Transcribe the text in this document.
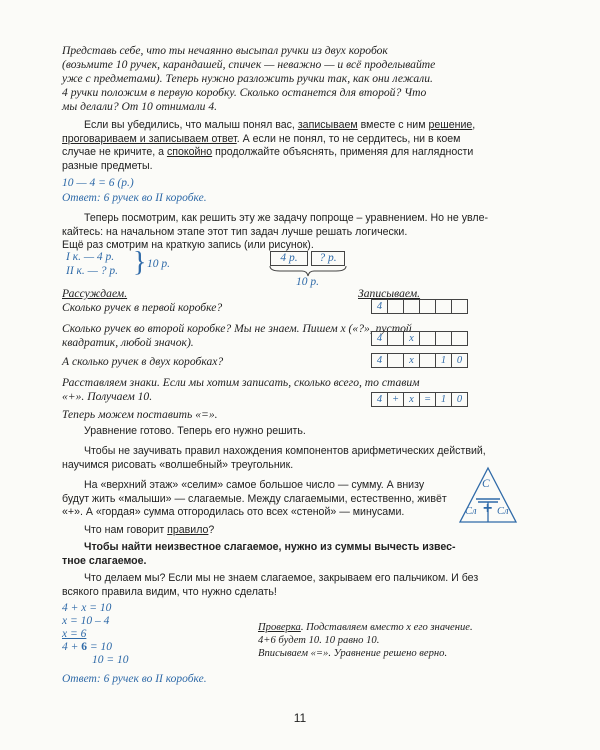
Представь себе, что ты нечаянно высыпал ручки из двух коробок
(возьмите 10 ручек, карандашей, спичек — неважно — и всё проделывайте
уже с предметами). Теперь нужно разложить ручки так, как они лежали.
4 ручки положим в первую коробку. Сколько останется для второй? Что
мы делали? От 10 отнимали 4.
Если вы убедились, что малыш понял вас, записываем вместе с ним решение,
проговариваем и записываем ответ. А если не понял, то не сердитесь, ни в коем
случае не кричите, а спокойно продолжайте объяснять, применяя для наглядности
разные предметы.
10 — 4 = 6 (р.)
Ответ: 6 ручек во II коробке.
Теперь посмотрим, как решить эту же задачу попроще – уравнением. Но не увле-
кайтесь: на начальном этапе этот тип задач лучше решать логически.
Ещё раз смотрим на краткую запись (или рисунок).
I к. — 4 р.
II к. — ? р. } 10 р.	4 р.	? р.
10 р.
Рассуждаем.	Записываем.
Сколько ручек в первой коробке?
Сколько ручек во второй коробке? Мы не знаем. Пишем x («?», пустой
квадратик, любой значок).
А сколько ручек в двух коробках?
Расставляем знаки. Если мы хотим записать, сколько всего, то ставим
«+». Получаем 10.
Теперь можем поставить «=».
4
4	x
4	x	1	0
4 + x = 1	0
Уравнение готово. Теперь его нужно решить.
Чтобы не заучивать правил нахождения компонентов арифметических действий,
научимся рисовать «волшебный» треугольник.
На «верхний этаж» «селим» самое большое число — сумму. А внизу
будут жить «малыши» — слагаемые. Между слагаемыми, естественно, живёт
«+». А «гордая» сумма отгородилась ото всех «стеной» — минусами.
Что нам говорит правило?
С
Сл Сл
+
Чтобы найти неизвестное слагаемое, нужно из суммы вычесть извес-
тное слагаемое.
Что делаем мы? Если мы не знаем слагаемое, закрываем его пальчиком. И без
всякого правила видим, что нужно сделать!
4 + x = 10
x = 10 – 4
x = 6
4 + 6 = 10
10 = 10
Ответ: 6 ручек во II коробке.
Проверка. Подставляем вместо x его значение.
4+6 будет 10. 10 равно 10.
Вписываем «=». Уравнение решено верно.
11
